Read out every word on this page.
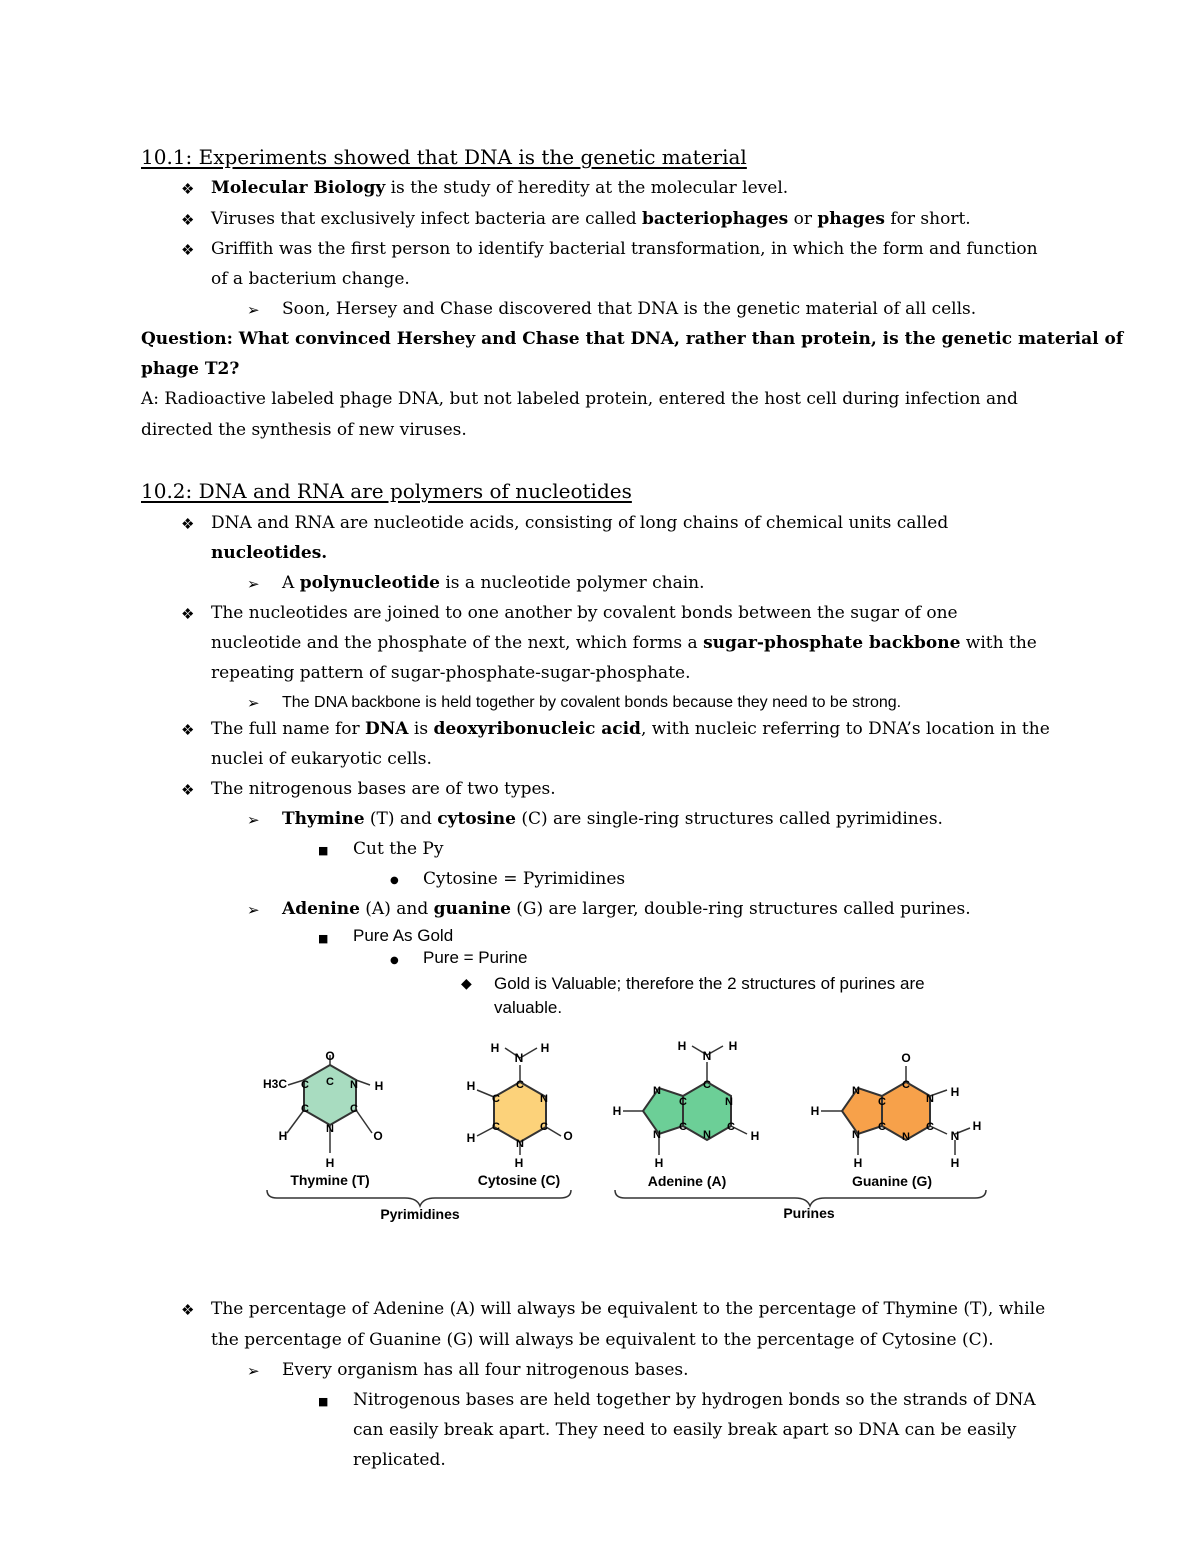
10.1: Experiments showed that DNA is the genetic material
❖ Molecular Biology is the study of heredity at the molecular level.
❖ Viruses that exclusively infect bacteria are called bacteriophages or phages for short.
❖ Griffith was the first person to identify bacterial transformation, in which the form and function
of a bacterium change.
➢ Soon, Hersey and Chase discovered that DNA is the genetic material of all cells.
Question: What convinced Hershey and Chase that DNA, rather than protein, is the genetic material of
phage T2?
A: Radioactive labeled phage DNA, but not labeled protein, entered the host cell during infection and
directed the synthesis of new viruses.
10.2: DNA and RNA are polymers of nucleotides
❖ DNA and RNA are nucleotide acids, consisting of long chains of chemical units called
nucleotides.
➢ A polynucleotide is a nucleotide polymer chain.
❖ The nucleotides are joined to one another by covalent bonds between the sugar of one
nucleotide and the phosphate of the next, which forms a sugar-phosphate backbone with the
repeating pattern of sugar-phosphate-sugar-phosphate.
➢ The DNA backbone is held together by covalent bonds because they need to be strong.
❖ The full name for DNA is deoxyribonucleic acid, with nucleic referring to DNA’s location in the
nuclei of eukaryotic cells.
❖ The nitrogenous bases are of two types.
➢ Thymine (T) and cytosine (C) are single-ring structures called pyrimidines.
■ Cut the Py
● Cytosine = Pyrimidines
➢ Adenine (A) and guanine (G) are larger, double-ring structures called purines.
■ Pure As Gold
● Pure = Purine
◆ Gold is Valuable; therefore the 2 structures of purines are
valuable.
O
C
C	N
C
N
C
H3C	H
H	O
H
H
N
H
C
N
C
N
C
C
H
H	O
H
H
N
H
H
N
N
C
C
N
N
C
C
H
H
O
C
N H
C
N
H
N
C
C
N
N
H
H	H
Thymine (T)	Cytosine (C)	Adenine (A)	Guanine (G)
Pyrimidines	Purines
❖ The percentage of Adenine (A) will always be equivalent to the percentage of Thymine (T), while
the percentage of Guanine (G) will always be equivalent to the percentage of Cytosine (C).
➢ Every organism has all four nitrogenous bases.
■ Nitrogenous bases are held together by hydrogen bonds so the strands of DNA
can easily break apart. They need to easily break apart so DNA can be easily
replicated.
